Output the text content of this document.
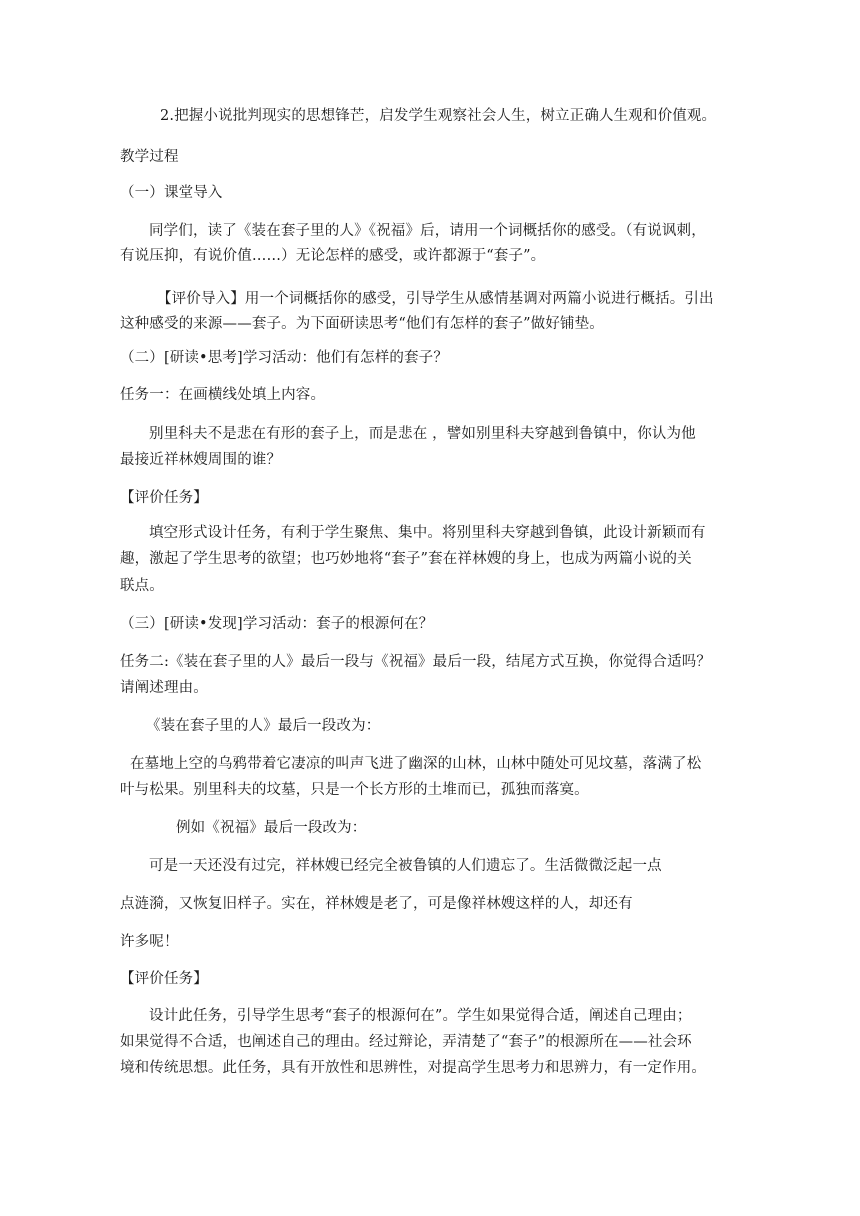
2.把握小说批判现实的思想锋芒，启发学生观察社会人生，树立正确人生观和价值观。
教学过程
（一）课堂导入
同学们，读了《装在套子里的人》《祝福》后，请用一个词概括你的感受。（有说讽刺，
有说压抑，有说价值……）无论怎样的感受，或许都源于“套子”。
【评价导入】用一个词概括你的感受，引导学生从感情基调对两篇小说进行概括。引出
这种感受的来源——套子。为下面研读思考“他们有怎样的套子”做好铺垫。
（二）[研读•思考]学习活动：他们有怎样的套子？
任务一：在画横线处填上内容。
别里科夫不是悲在有形的套子上，而是悲在 ，譬如别里科夫穿越到鲁镇中，你认为他
最接近祥林嫂周围的谁？
【评价任务】
填空形式设计任务，有利于学生聚焦、集中。将别里科夫穿越到鲁镇，此设计新颖而有
趣，激起了学生思考的欲望；也巧妙地将“套子”套在祥林嫂的身上，也成为两篇小说的关
联点。
（三）[研读•发现]学习活动：套子的根源何在？
任务二:《装在套子里的人》最后一段与《祝福》最后一段，结尾方式互换，你觉得合适吗？
请阐述理由。
《装在套子里的人》最后一段改为：
在墓地上空的乌鸦带着它凄凉的叫声飞进了幽深的山林，山林中随处可见坟墓，落满了松
叶与松果。别里科夫的坟墓，只是一个长方形的土堆而已，孤独而落寞。
例如《祝福》最后一段改为：
可是一天还没有过完，祥林嫂已经完全被鲁镇的人们遗忘了。生活微微泛起一点
点涟漪，又恢复旧样子。实在，祥林嫂是老了，可是像祥林嫂这样的人，却还有
许多呢！
【评价任务】
设计此任务，引导学生思考“套子的根源何在”。学生如果觉得合适，阐述自己理由；
如果觉得不合适，也阐述自己的理由。经过辩论，弄清楚了“套子”的根源所在——社会环
境和传统思想。此任务，具有开放性和思辨性，对提高学生思考力和思辨力，有一定作用。
